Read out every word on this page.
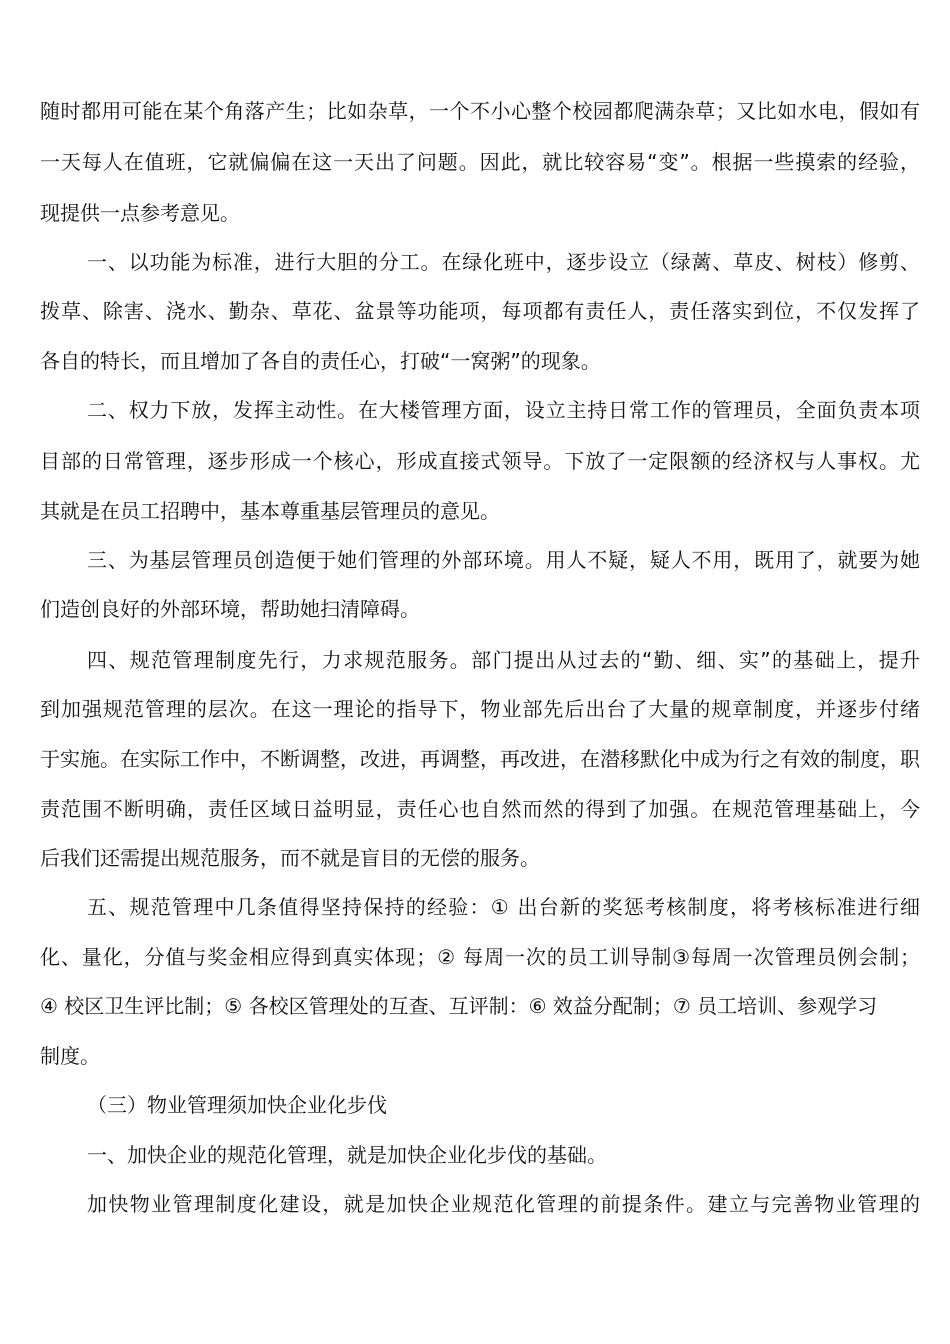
随时都用可能在某个角落产生；比如杂草，一个不小心整个校园都爬满杂草；又比如水电，假如有
一天每人在值班，它就偏偏在这一天出了问题。因此，就比较容易“变”。根据一些摸索的经验，
现提供一点参考意见。
一、以功能为标准，进行大胆的分工。在绿化班中，逐步设立（绿蓠、草皮、树枝）修剪、
拨草、除害、浇水、勤杂、草花、盆景等功能项，每项都有责任人，责任落实到位，不仅发挥了
各自的特长，而且增加了各自的责任心，打破“一窝粥”的现象。
二、权力下放，发挥主动性。在大楼管理方面，设立主持日常工作的管理员，全面负责本项
目部的日常管理，逐步形成一个核心，形成直接式领导。下放了一定限额的经济权与人事权。尤
其就是在员工招聘中，基本尊重基层管理员的意见。
三、为基层管理员创造便于她们管理的外部环境。用人不疑，疑人不用，既用了，就要为她
们造创良好的外部环境，帮助她扫清障碍。
四、规范管理制度先行，力求规范服务。部门提出从过去的“勤、细、实”的基础上，提升
到加强规范管理的层次。在这一理论的指导下，物业部先后出台了大量的规章制度，并逐步付绪
于实施。在实际工作中，不断调整，改进，再调整，再改进，在潜移默化中成为行之有效的制度，职
责范围不断明确，责任区域日益明显，责任心也自然而然的得到了加强。在规范管理基础上，今
后我们还需提出规范服务，而不就是盲目的无偿的服务。
五、规范管理中几条值得坚持保持的经验：① 出台新的奖惩考核制度，将考核标准进行细
化、量化，分值与奖金相应得到真实体现；② 每周一次的员工训导制③每周一次管理员例会制；
④ 校区卫生评比制；⑤ 各校区管理处的互查、互评制：⑥ 效益分配制；⑦ 员工培训、参观学习
制度。
（三）物业管理须加快企业化步伐
一、加快企业的规范化管理，就是加快企业化步伐的基础。
加快物业管理制度化建设，就是加快企业规范化管理的前提条件。建立与完善物业管理的
